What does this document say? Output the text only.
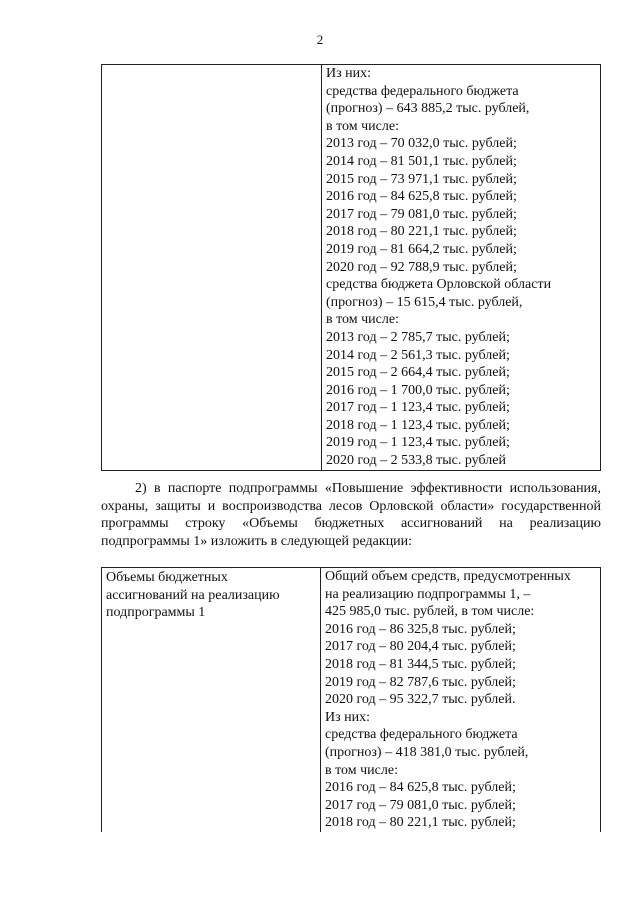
2

Из них:
средства федерального бюджета
(прогноз) – 643 885,2 тыс. рублей,
в том числе:
2013 год – 70 032,0 тыс. рублей;
2014 год – 81 501,1 тыс. рублей;
2015 год – 73 971,1 тыс. рублей;
2016 год – 84 625,8 тыс. рублей;
2017 год – 79 081,0 тыс. рублей;
2018 год – 80 221,1 тыс. рублей;
2019 год – 81 664,2 тыс. рублей;
2020 год – 92 788,9 тыс. рублей;
средства бюджета Орловской области
(прогноз) – 15 615,4 тыс. рублей,
в том числе:
2013 год – 2 785,7 тыс. рублей;
2014 год – 2 561,3 тыс. рублей;
2015 год – 2 664,4 тыс. рублей;
2016 год – 1 700,0 тыс. рублей;
2017 год – 1 123,4 тыс. рублей;
2018 год – 1 123,4 тыс. рублей;
2019 год – 1 123,4 тыс. рублей;
2020 год – 2 533,8 тыс. рублей
2) в паспорте подпрограммы «Повышение эффективности использования, охраны, защиты и воспроизводства лесов Орловской области» государственной программы строку «Объемы бюджетных ассигнований на реализацию подпрограммы 1» изложить в следующей редакции:
Объемы бюджетных
ассигнований на реализацию
подпрограммы 1

Общий объем средств, предусмотренных
на реализацию подпрограммы 1, –
425 985,0 тыс. рублей, в том числе:
2016 год – 86 325,8 тыс. рублей;
2017 год – 80 204,4 тыс. рублей;
2018 год – 81 344,5 тыс. рублей;
2019 год – 82 787,6 тыс. рублей;
2020 год – 95 322,7 тыс. рублей.
Из них:
средства федерального бюджета
(прогноз) – 418 381,0 тыс. рублей,
в том числе:
2016 год – 84 625,8 тыс. рублей;
2017 год – 79 081,0 тыс. рублей;
2018 год – 80 221,1 тыс. рублей;
